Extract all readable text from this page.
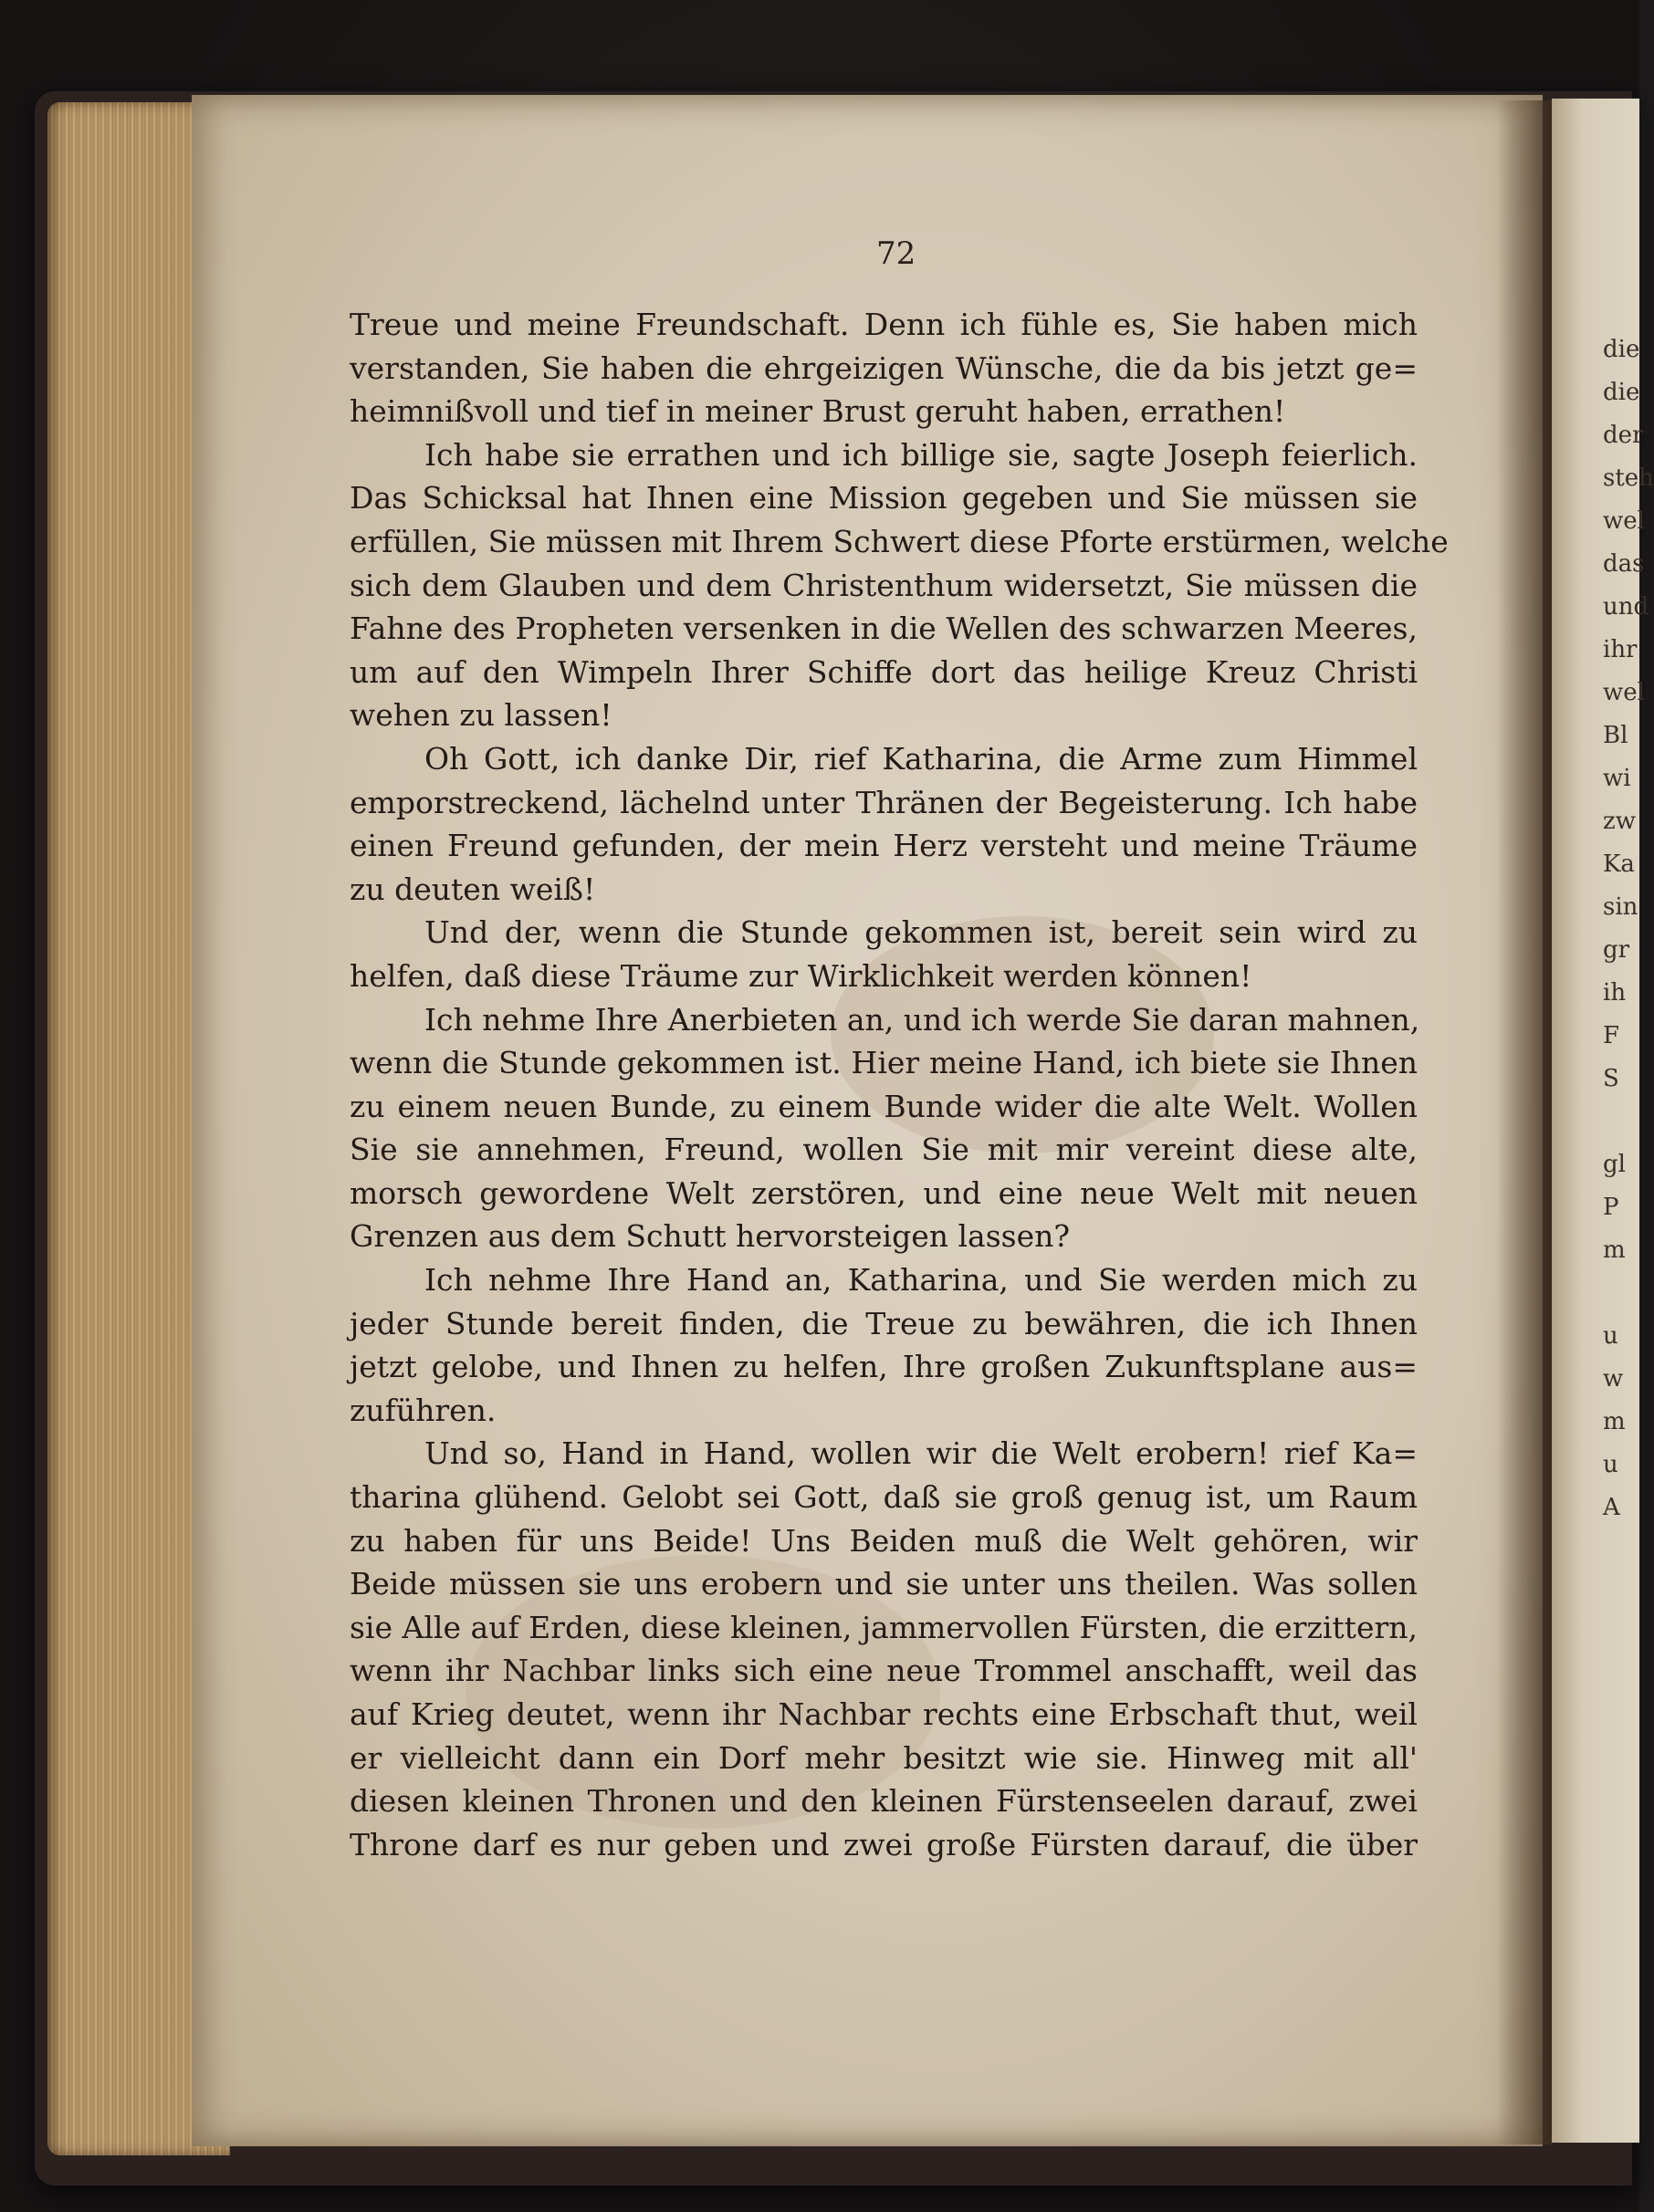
die
die
der
steh
wel
das
und
ihr
wel
Bl
wi
zw
Ka
sin
gr
ih
F
S
gl
P
m
u
w
m
u
A
72
Treue und meine Freundschaft. Denn ich fühle es, Sie haben mich
verstanden, Sie haben die ehrgeizigen Wünsche, die da bis jetzt ge=
heimnißvoll und tief in meiner Brust geruht haben, errathen!
Ich habe sie errathen und ich billige sie, sagte Joseph feierlich.
Das Schicksal hat Ihnen eine Mission gegeben und Sie müssen sie
erfüllen, Sie müssen mit Ihrem Schwert diese Pforte erstürmen, welche
sich dem Glauben und dem Christenthum widersetzt, Sie müssen die
Fahne des Propheten versenken in die Wellen des schwarzen Meeres,
um auf den Wimpeln Ihrer Schiffe dort das heilige Kreuz Christi
wehen zu lassen!
Oh Gott, ich danke Dir, rief Katharina, die Arme zum Himmel
emporstreckend, lächelnd unter Thränen der Begeisterung. Ich habe
einen Freund gefunden, der mein Herz versteht und meine Träume
zu deuten weiß!
Und der, wenn die Stunde gekommen ist, bereit sein wird zu
helfen, daß diese Träume zur Wirklichkeit werden können!
Ich nehme Ihre Anerbieten an, und ich werde Sie daran mahnen,
wenn die Stunde gekommen ist. Hier meine Hand, ich biete sie Ihnen
zu einem neuen Bunde, zu einem Bunde wider die alte Welt. Wollen
Sie sie annehmen, Freund, wollen Sie mit mir vereint diese alte,
morsch gewordene Welt zerstören, und eine neue Welt mit neuen
Grenzen aus dem Schutt hervorsteigen lassen?
Ich nehme Ihre Hand an, Katharina, und Sie werden mich zu
jeder Stunde bereit finden, die Treue zu bewähren, die ich Ihnen
jetzt gelobe, und Ihnen zu helfen, Ihre großen Zukunftsplane aus=
zuführen.
Und so, Hand in Hand, wollen wir die Welt erobern! rief Ka=
tharina glühend. Gelobt sei Gott, daß sie groß genug ist, um Raum
zu haben für uns Beide! Uns Beiden muß die Welt gehören, wir
Beide müssen sie uns erobern und sie unter uns theilen. Was sollen
sie Alle auf Erden, diese kleinen, jammervollen Fürsten, die erzittern,
wenn ihr Nachbar links sich eine neue Trommel anschafft, weil das
auf Krieg deutet, wenn ihr Nachbar rechts eine Erbschaft thut, weil
er vielleicht dann ein Dorf mehr besitzt wie sie. Hinweg mit all'
diesen kleinen Thronen und den kleinen Fürstenseelen darauf, zwei
Throne darf es nur geben und zwei große Fürsten darauf, die über
